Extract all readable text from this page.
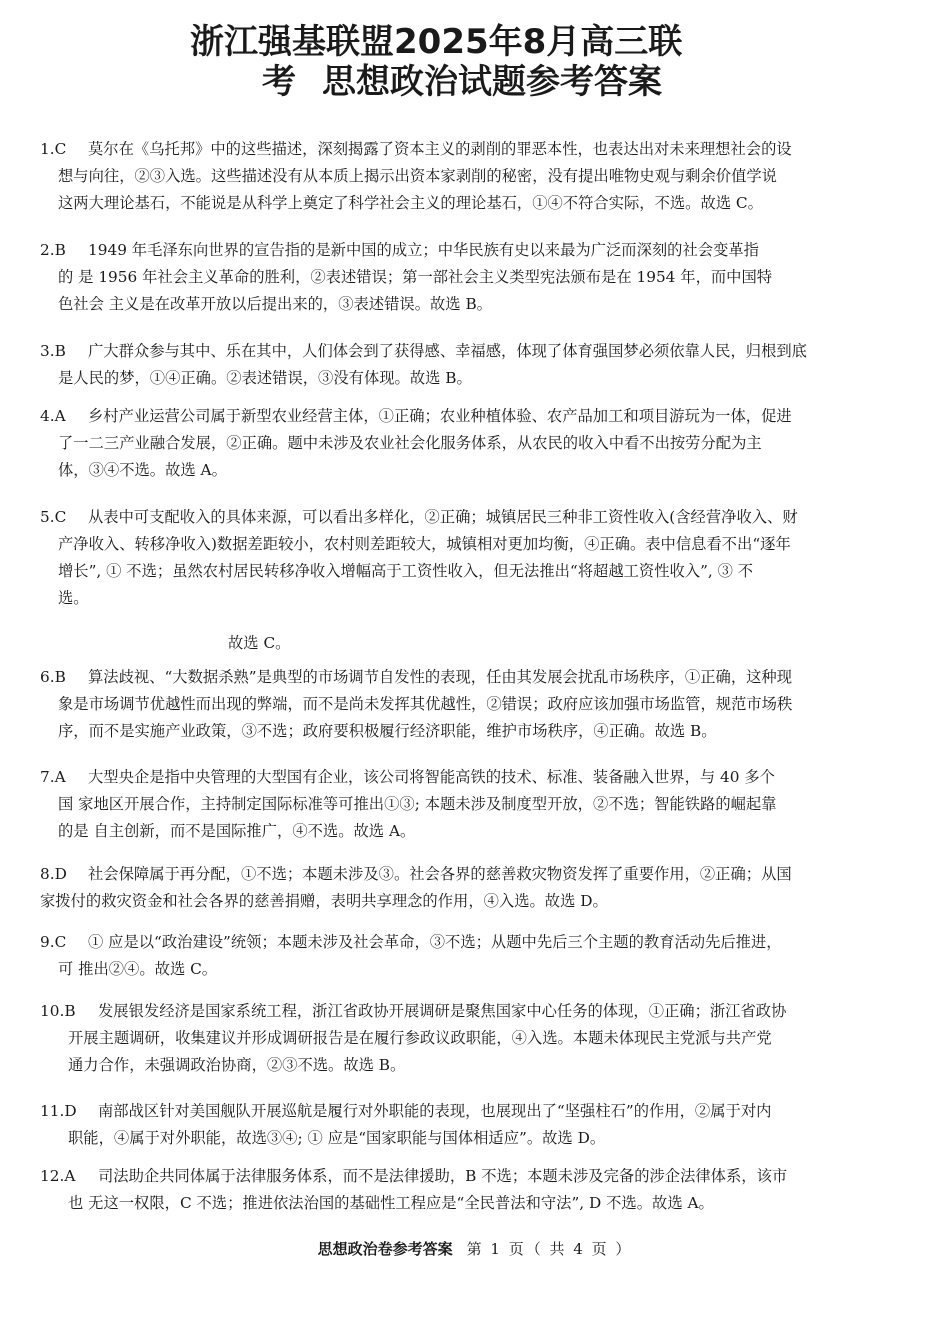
浙江强基联盟2025年8月高三联
考 思想政治试题参考答案
1.C 莫尔在《乌托邦》中的这些描述，深刻揭露了资本主义的剥削的罪恶本性，也表达出对未来理想社会的设
想与向往，②③入选。这些描述没有从本质上揭示出资本家剥削的秘密，没有提出唯物史观与剩余价值学说
这两大理论基石，不能说是从科学上奠定了科学社会主义的理论基石，①④不符合实际，不选。故选 C。
2.B 1949 年毛泽东向世界的宣告指的是新中国的成立；中华民族有史以来最为广泛而深刻的社会变革指
的 是 1956 年社会主义革命的胜利，②表述错误；第一部社会主义类型宪法颁布是在 1954 年，而中国特
色社会 主义是在改革开放以后提出来的，③表述错误。故选 B。
3.B 广大群众参与其中、乐在其中，人们体会到了获得感、幸福感，体现了体育强国梦必须依靠人民，归根到底
是人民的梦，①④正确。②表述错误，③没有体现。故选 B。
4.A 乡村产业运营公司属于新型农业经营主体，①正确；农业种植体验、农产品加工和项目游玩为一体，促进
了一二三产业融合发展，②正确。题中未涉及农业社会化服务体系，从农民的收入中看不出按劳分配为主
体，③④不选。故选 A。
5.C 从表中可支配收入的具体来源，可以看出多样化，②正确；城镇居民三种非工资性收入(含经营净收入、财
产净收入、转移净收入)数据差距较小，农村则差距较大，城镇相对更加均衡，④正确。表中信息看不出“逐年
增长”, ① 不选；虽然农村居民转移净收入增幅高于工资性收入，但无法推出“将超越工资性收入”, ③ 不
选。
故选 C。
6.B 算法歧视、“大数据杀熟”是典型的市场调节自发性的表现，任由其发展会扰乱市场秩序，①正确，这种现
象是市场调节优越性而出现的弊端，而不是尚未发挥其优越性，②错误；政府应该加强市场监管，规范市场秩
序，而不是实施产业政策，③不选；政府要积极履行经济职能，维护市场秩序，④正确。故选 B。
7.A 大型央企是指中央管理的大型国有企业，该公司将智能高铁的技术、标准、装备融入世界，与 40 多个
国 家地区开展合作，主持制定国际标准等可推出①③; 本题未涉及制度型开放，②不选；智能铁路的崛起靠
的是 自主创新，而不是国际推广，④不选。故选 A。
8.D 社会保障属于再分配，①不选；本题未涉及③。社会各界的慈善救灾物资发挥了重要作用，②正确；从国
家拨付的救灾资金和社会各界的慈善捐赠，表明共享理念的作用，④入选。故选 D。
9.C ① 应是以“政治建设”统领；本题未涉及社会革命，③不选；从题中先后三个主题的教育活动先后推进，
可 推出②④。故选 C。
10.B 发展银发经济是国家系统工程，浙江省政协开展调研是聚焦国家中心任务的体现，①正确；浙江省政协
开展主题调研，收集建议并形成调研报告是在履行参政议政职能，④入选。本题未体现民主党派与共产党
通力合作，未强调政治协商，②③不选。故选 B。
11.D 南部战区针对美国舰队开展巡航是履行对外职能的表现，也展现出了“坚强柱石”的作用，②属于对内
职能，④属于对外职能，故选③④; ① 应是“国家职能与国体相适应”。故选 D。
12.A 司法助企共同体属于法律服务体系，而不是法律援助，B 不选；本题未涉及完备的涉企法律体系，该市
也 无这一权限，C 不选；推进依法治国的基础性工程应是“全民普法和守法”, D 不选。故选 A。
思想政治卷参考答案 第 1 页（ 共 4 页 ）
